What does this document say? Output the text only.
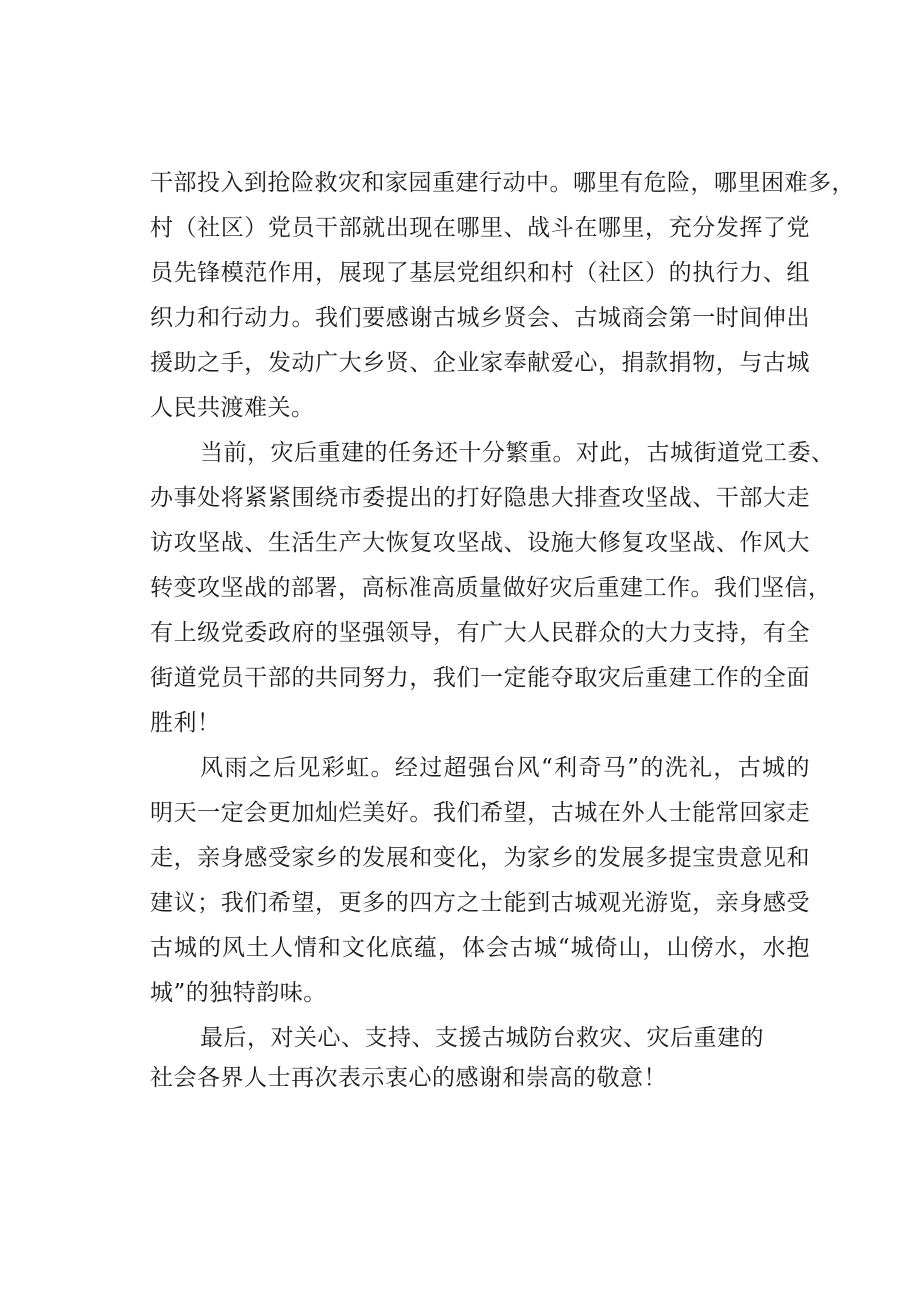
干部投入到抢险救灾和家园重建行动中。哪里有危险，哪里困难多，
村（社区）党员干部就出现在哪里、战斗在哪里，充分发挥了党
员先锋模范作用，展现了基层党组织和村（社区）的执行力、组
织力和行动力。我们要感谢古城乡贤会、古城商会第一时间伸出
援助之手，发动广大乡贤、企业家奉献爱心，捐款捐物，与古城
人民共渡难关。
当前，灾后重建的任务还十分繁重。对此，古城街道党工委、
办事处将紧紧围绕市委提出的打好隐患大排查攻坚战、干部大走
访攻坚战、生活生产大恢复攻坚战、设施大修复攻坚战、作风大
转变攻坚战的部署，高标准高质量做好灾后重建工作。我们坚信，
有上级党委政府的坚强领导，有广大人民群众的大力支持，有全
街道党员干部的共同努力，我们一定能夺取灾后重建工作的全面
胜利！
风雨之后见彩虹。经过超强台风“利奇马”的洗礼，古城的
明天一定会更加灿烂美好。我们希望，古城在外人士能常回家走
走，亲身感受家乡的发展和变化，为家乡的发展多提宝贵意见和
建议；我们希望，更多的四方之士能到古城观光游览，亲身感受
古城的风土人情和文化底蕴，体会古城“城倚山，山傍水，水抱
城”的独特韵味。
最后，对关心、支持、支援古城防台救灾、灾后重建的
社会各界人士再次表示衷心的感谢和崇高的敬意！
